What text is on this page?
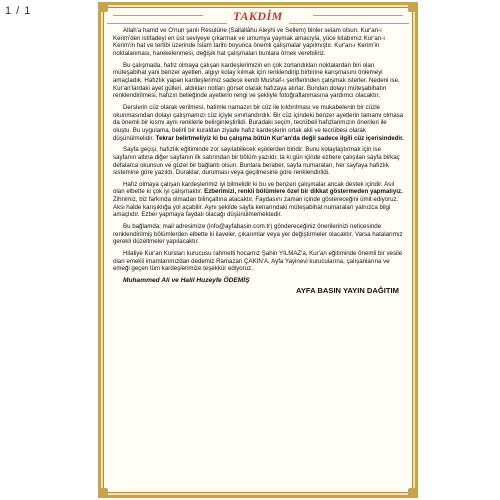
1 / 1	TAKDİM

Allah'a hamd ve O'nun şanlı Resulüne (Sallallâhu Aleyhi ve Sellem) binler selam olsun. Kur'an-ı Kerim'den istifadeyi en üst seviyeye çıkarmak ve umumya yaymak amacıyla, yüce kitabımız Kur'an-ı Kerim'in hat ve tertibi üzerinde İslam tarihi boyunca önemli çalışmalar yapılmıştır. Kur'an-ı Kerim'in noktalanması, harekelenmesi, değişik hat çalışmaları bunlara örnek verebiliriz.

Bu çalışmada, hafız olmaya çalışan kardeşlerimizin en çok zorlandıkları noktalardan biri olan müteşabihat yani benzer ayetleri, algıyı kolay kılmak için renklendirip birbirine karışmasını önlemeyi amaçladık. Hafızlık yapan kardeşlerimiz sadece kendi Mushaf-ı şeriflerinden çalışmak isterler. Nedeni ise, Kur'an'lardaki ayet gülleri, aldıkları notları görsel olarak hafızaya alırlar. Bundan dolayı müteşabihatın renklendirilmesi, hafızın belleğinde ayetlerin rengi ve şekliyle fotoğraflanmasına yardımcı olacaktır.

Derslerin cüz olarak verilmesi, hatimle namazın bir cüz ile kıldırılması ve mukabelenin bir cüzle okunmasından dolayı çalışmamızı cüz içiyle sınırlandırdık. Bir cüz içindeki benzer ayetlerin tamamı olmasa da önemli bir kısmı aynı renklerle belirginleştirildi. Buradaki seçim, tecrübeli hafızlanmızın önerileri ile oluştu. Bu uygulama, belirli bir kuraldan ziyade hafız kardeşlerin ortak akli ve tecrübesi olarak düşünülmelidir. Tekrar belirtmeliyiz ki bu çalışma bütün Kur'an'da değil sadece ilgili cüz içerisindedir.

Sayfa geçişi, hafızlık eğitiminde zor sayılabilecek eşiklerden biridir. Bunu kolaylaştırmak için ise sayfanın altına diğer sayfanın ilk satırından bir bölüm yazıldı; ta ki gün içinde ezbere çalışılan sayfa birkaç defalarca okunsun ve güzel bir bağlantı olsun. Bunlara beraber, sayfa numaraları, her sayfaya hafızlık sistemine göre yazıldı. Duraklar, durulması veya geçilmesine göre renklendirildi.

Hafız olmaya çalışan kardeşlerimiz iyi bilmelidir ki bu ve benzeri çalışmalar ancak destek içindir. Asıl olan elbette ki çok iyi çalışmaktır. Ezberimizi, renkli bölümlere özel bir dikkat göstermeden yapmalıyız. Zihnimiz, biz farkında olmadan bilinçaltına atacaktır. Faydasını zaman içinde göstereceğini ümit ediyoruz. Aksi halde karışıklığa yol açabilir. Aynı şekilde sayfa kenarındaki müteşabihat numaraları yalnızca bilgi amaçlıdır. Ezber yapmaya faydalı olacağı düşünülmemektedir.

Bu bağlamda; mail adresimize (info@ayfabasin.com.tr) göndereceğiniz önerilerinizi neticesinde renklendirilmiş bölümlerden elbette ki ilaveler, çıkarımlar veya yer değiştirmeler olacaktır. Varsa hatalarımız gerekli düzeltmeler yapılacaktır.

Hilaliye Kur'an Kursları kurucusu rahmetli hocamız Şahin YILMAZ'a, Kur'an eğitiminde önemli bir vesile olan emekli imamlarımızdan dedemiz Ramazan ÇAKIN'A, Ayfa Yayinevi kurucularına, çalışanlarına ve emeği geçen tüm kardeşlerimize teşekkür ediyoruz.

Muhammed Ali ve Halil Huzeyfe ÖDEMİŞ
AYFA BASIN YAYIN DAĞITIM
